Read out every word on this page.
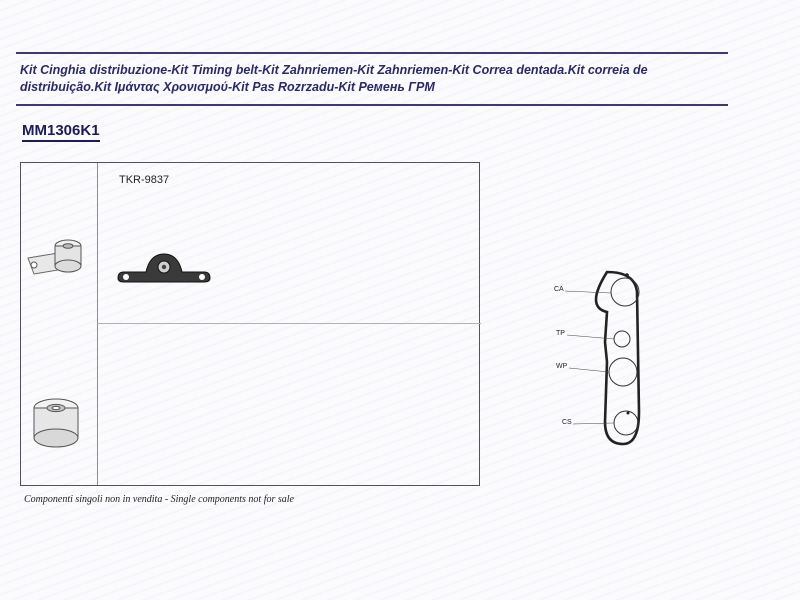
Kit Cinghia distribuzione-Kit Timing belt-Kit Zahnriemen-Kit Zahnriemen-Kit Correa dentada.Kit correia de distribuição.Kit Ιμάντας Χρονισμού-Kit Pas Rozrzadu-Kit Ремень ГРМ
MM1306K1
TKR-9837
CA
TP
WP
CS
Componenti singoli non in vendita - Single components not for sale
